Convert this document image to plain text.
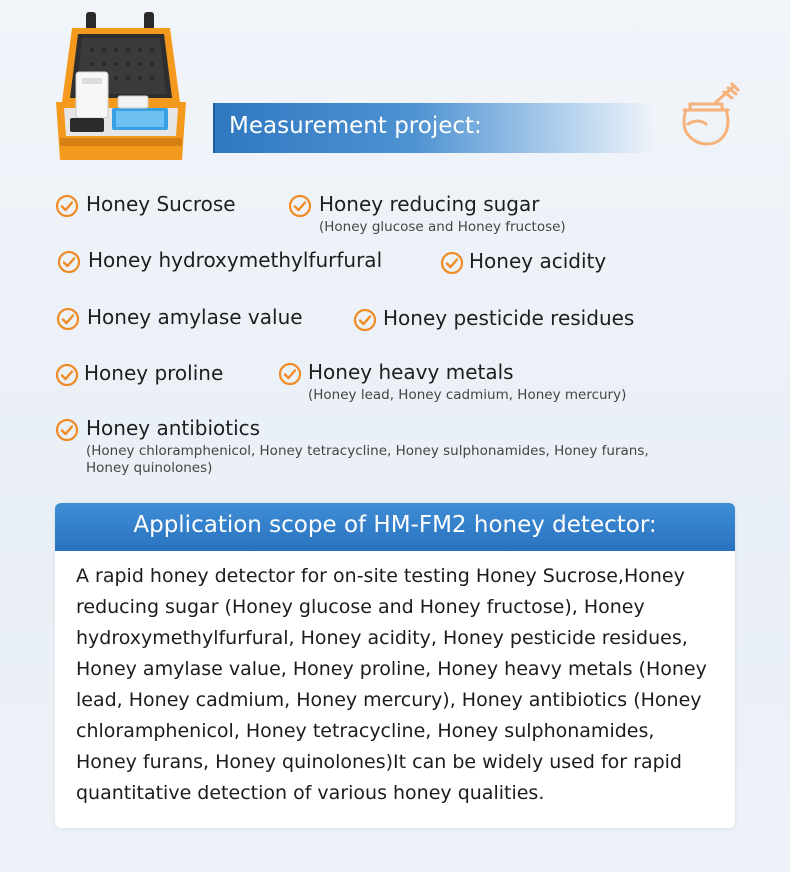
Measurement project:
Honey Sucrose	Honey reducing sugar
(Honey glucose and Honey fructose)
Honey hydroxymethylfurfural	Honey acidity
Honey amylase value	Honey pesticide residues
Honey proline	Honey heavy metals
(Honey lead, Honey cadmium, Honey mercury)
Honey antibiotics
(Honey chloramphenicol, Honey tetracycline, Honey sulphonamides, Honey furans,
Honey quinolones)
Application scope of HM-FM2 honey detector:
A rapid honey detector for on-site testing Honey Sucrose,Honey reducing sugar (Honey glucose and Honey fructose), Honey hydroxymethylfurfural, Honey acidity, Honey pesticide residues, Honey amylase value, Honey proline, Honey heavy metals (Honey lead, Honey cadmium, Honey mercury), Honey antibiotics (Honey chloramphenicol, Honey tetracycline, Honey sulphonamides, Honey furans, Honey quinolones)It can be widely used for rapid quantitative detection of various honey qualities.
